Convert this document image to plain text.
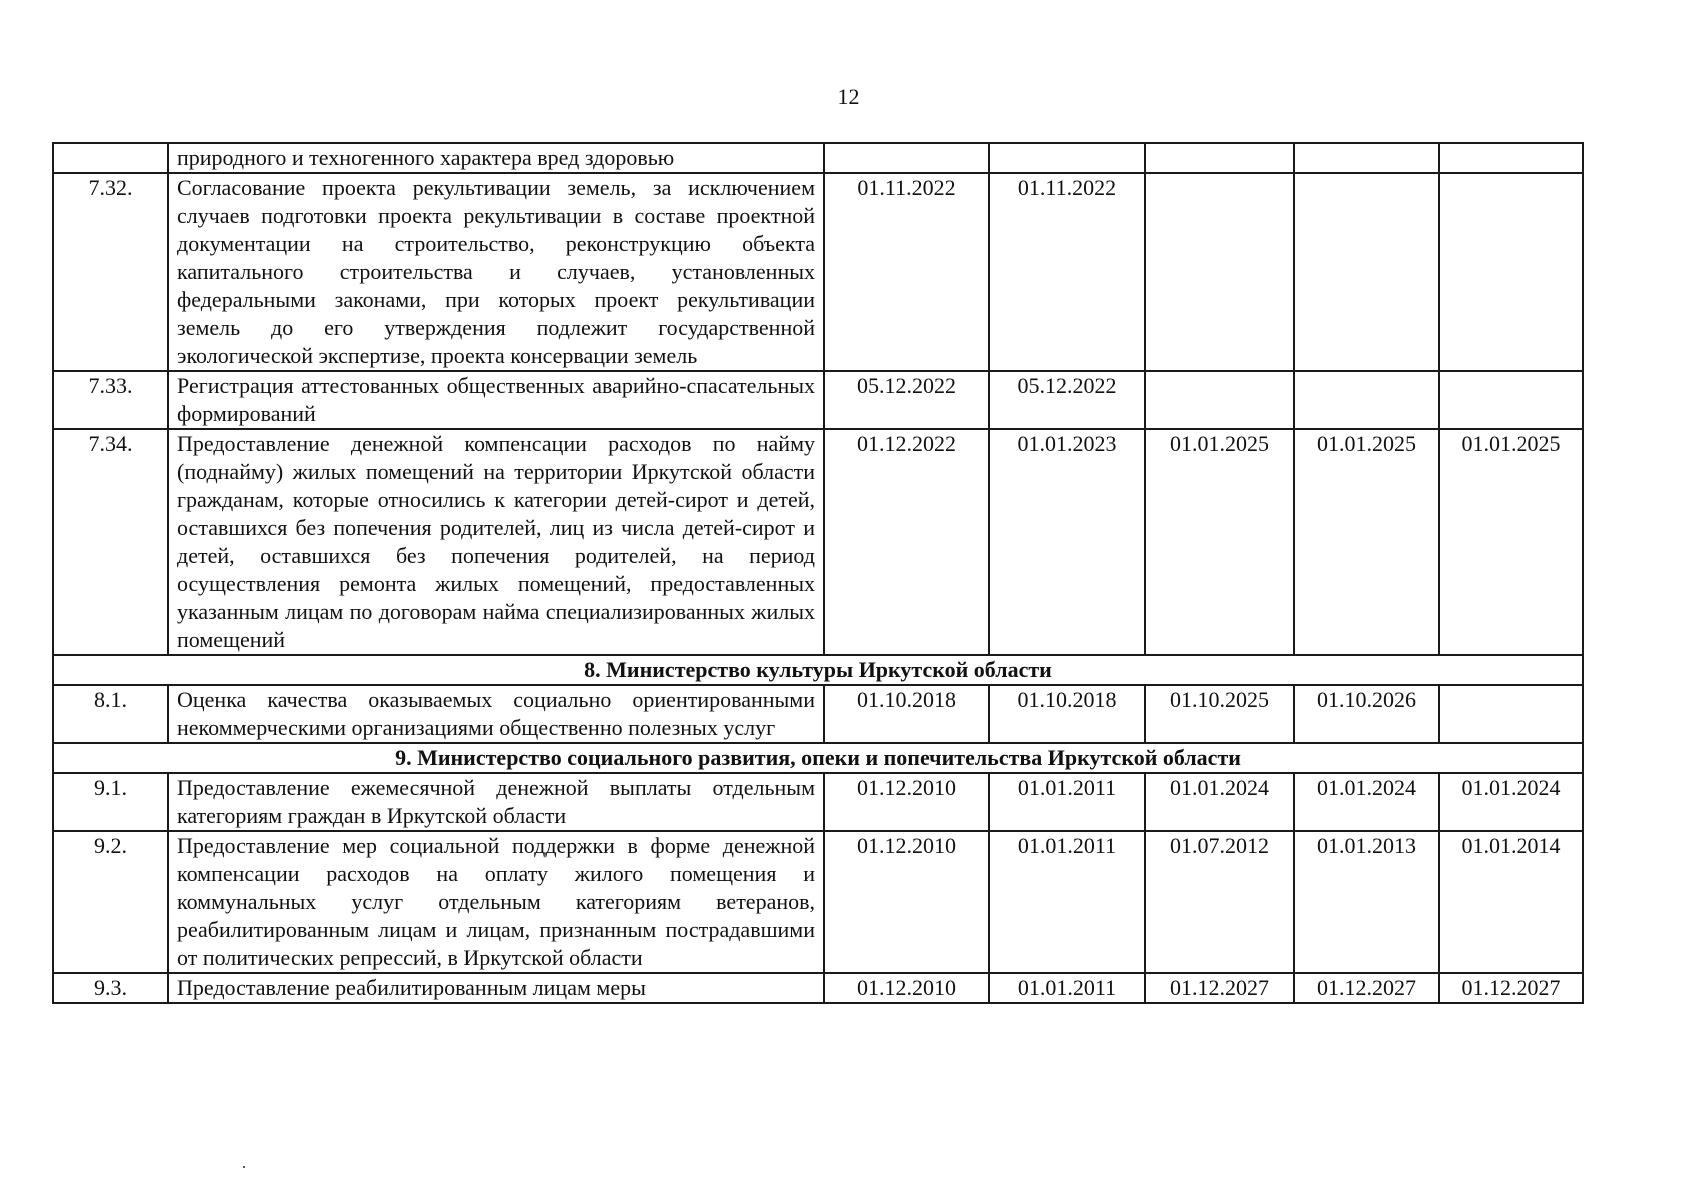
12
	природного и техногенного характера вред здоровью					
7.32.	Согласование проекта рекультивации земель, за исключением случаев подготовки проекта рекультивации в составе проектной документации на строительство, реконструкцию объекта капитального строительства и случаев, установленных федеральными законами, при которых проект рекультивации земель до его утверждения подлежит государственной экологической экспертизе, проекта консервации земель	01.11.2022	01.11.2022			
7.33.	Регистрация аттестованных общественных аварийно-спасательных формирований	05.12.2022	05.12.2022			
7.34.	Предоставление денежной компенсации расходов по найму (поднайму) жилых помещений на территории Иркутской области гражданам, которые относились к категории детей-сирот и детей, оставшихся без попечения родителей, лиц из числа детей-сирот и детей, оставшихся без попечения родителей, на период осуществления ремонта жилых помещений, предоставленных указанным лицам по договорам найма специализированных жилых помещений	01.12.2022	01.01.2023	01.01.2025	01.01.2025	01.01.2025
8. Министерство культуры Иркутской области						
8.1.	Оценка качества оказываемых социально ориентированными некоммерческими организациями общественно полезных услуг	01.10.2018	01.10.2018	01.10.2025	01.10.2026	
9. Министерство социального развития, опеки и попечительства Иркутской области						
9.1.	Предоставление ежемесячной денежной выплаты отдельным категориям граждан в Иркутской области	01.12.2010	01.01.2011	01.01.2024	01.01.2024	01.01.2024
9.2.	Предоставление мер социальной поддержки в форме денежной компенсации расходов на оплату жилого помещения и коммунальных услуг отдельным категориям ветеранов, реабилитированным лицам и лицам, признанным пострадавшими от политических репрессий, в Иркутской области	01.12.2010	01.01.2011	01.07.2012	01.01.2013	01.01.2014
9.3.	Предоставление реабилитированным лицам меры	01.12.2010	01.01.2011	01.12.2027	01.12.2027	01.12.2027
